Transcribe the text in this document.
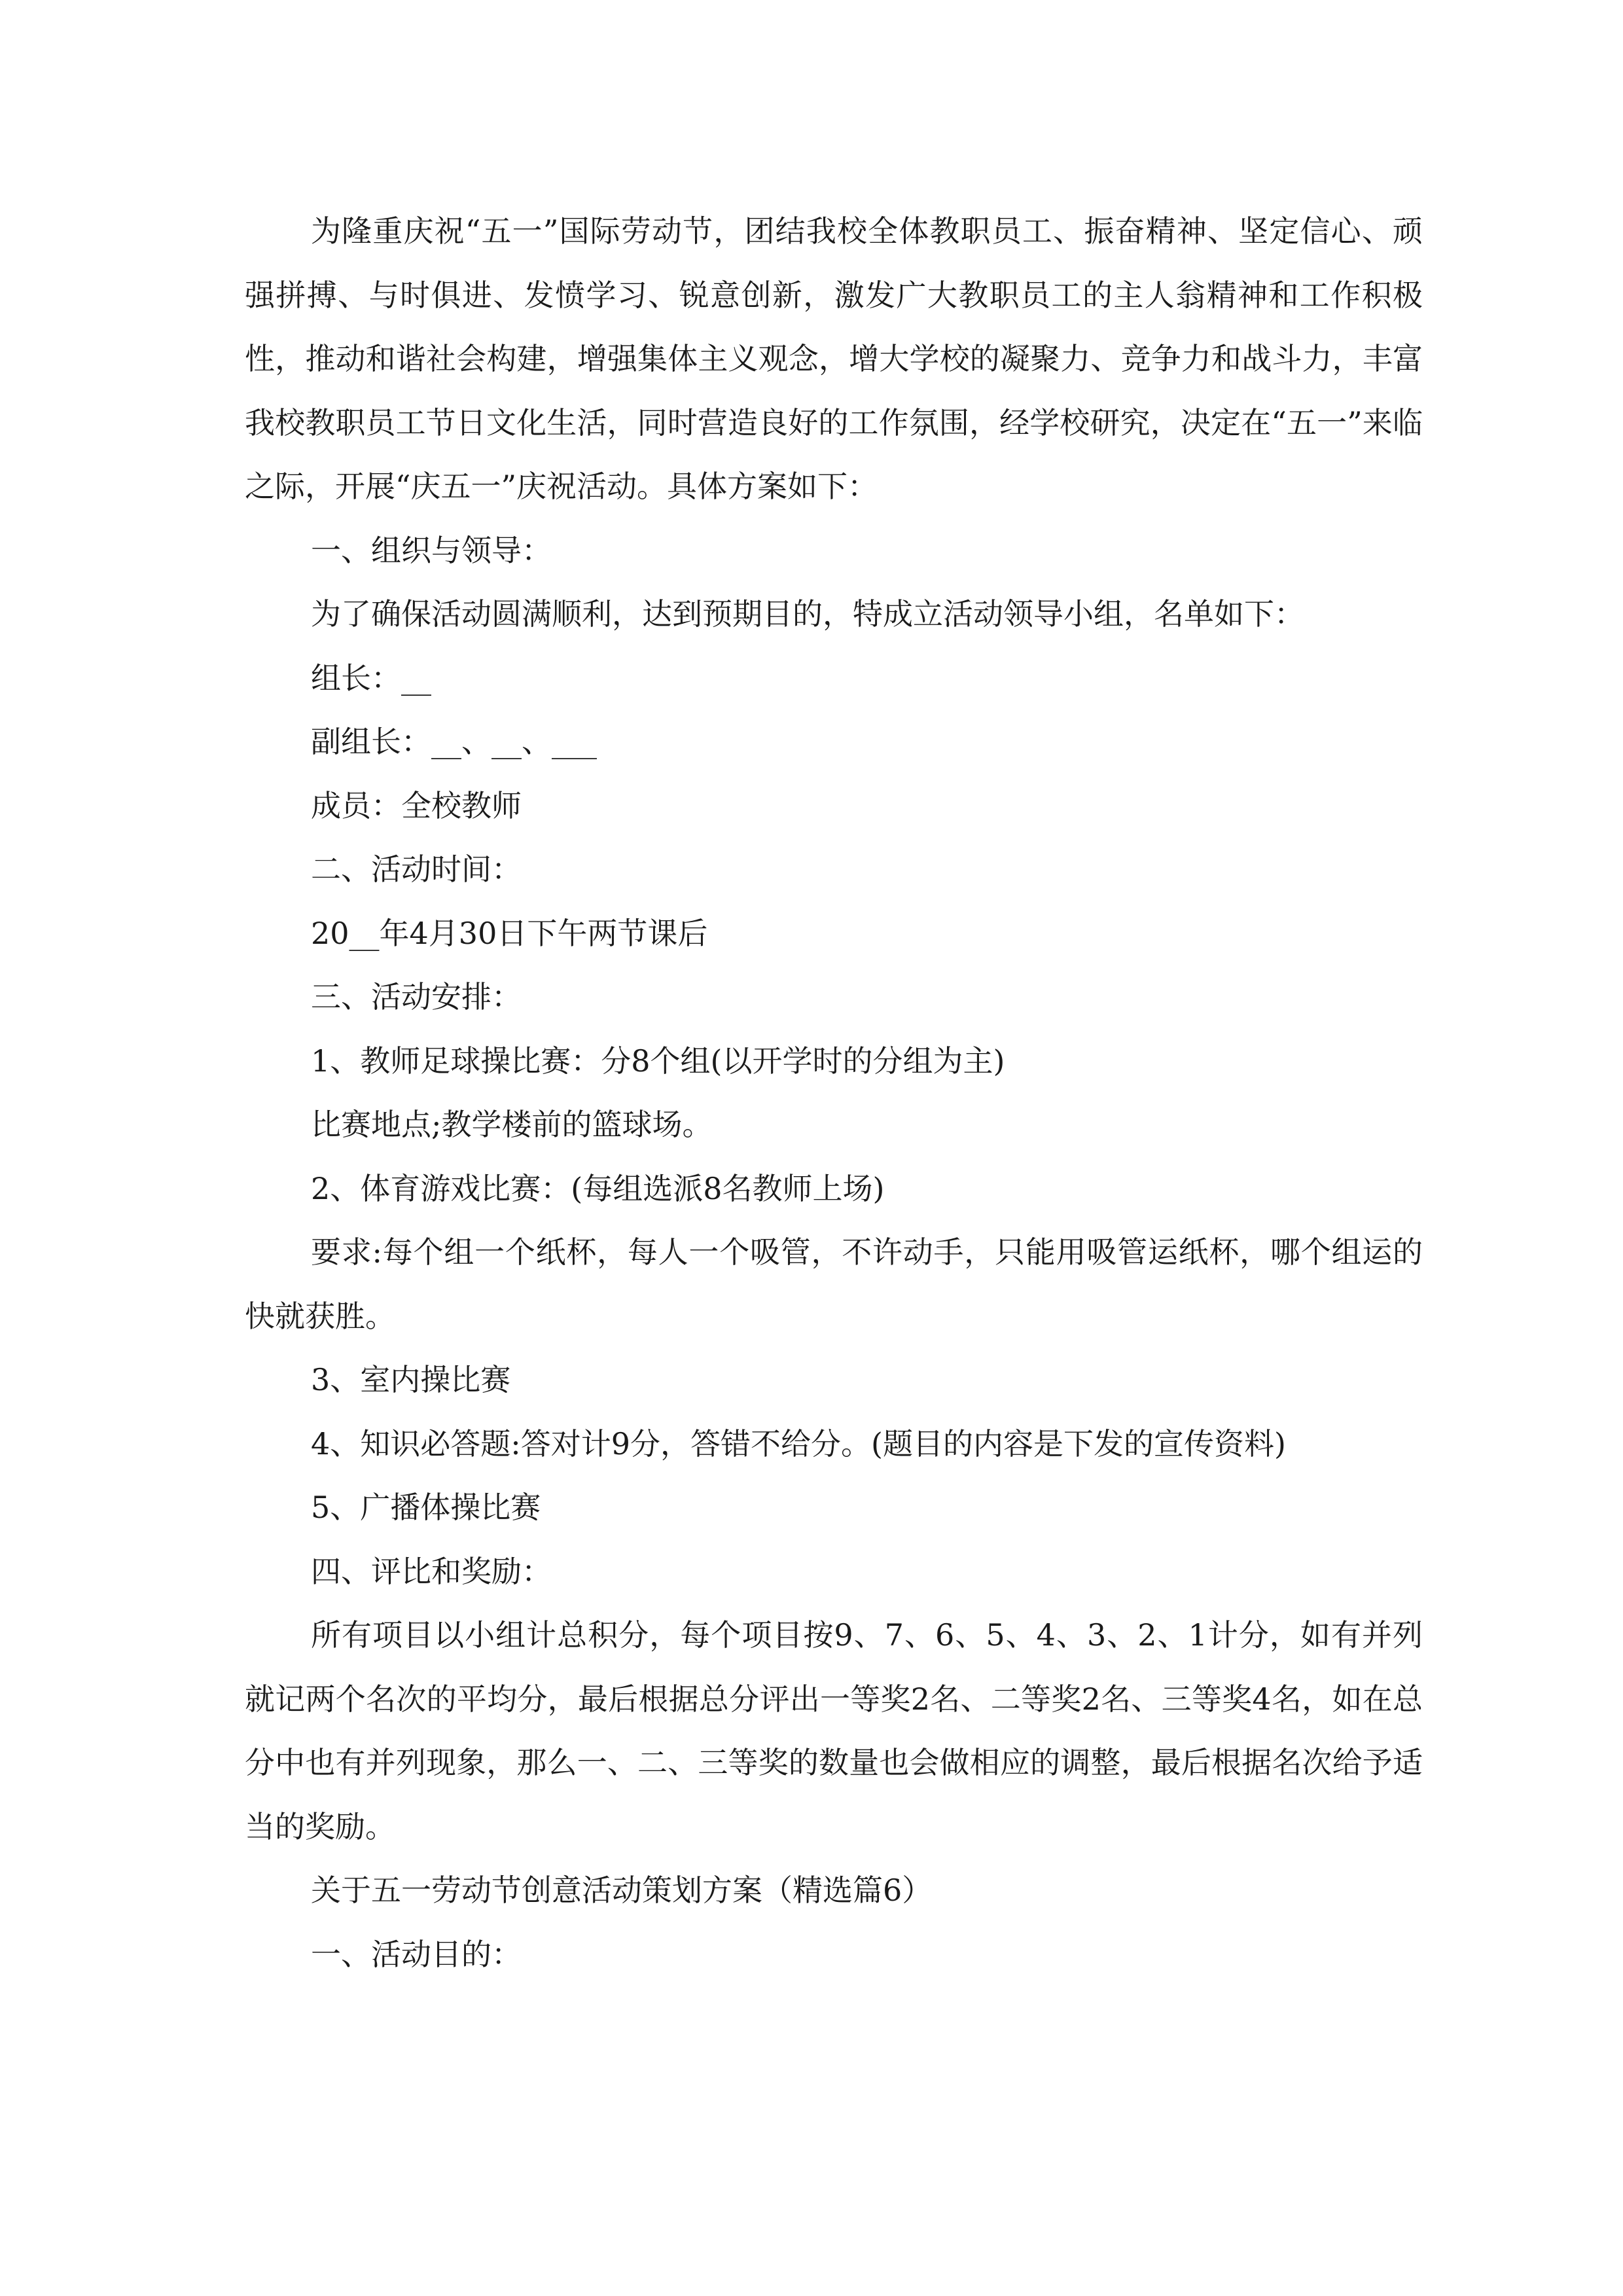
为隆重庆祝“五一”国际劳动节，团结我校全体教职员工、振奋精神、坚定信心、顽强拼搏、与时俱进、发愤学习、锐意创新，激发广大教职员工的主人翁精神和工作积极性，推动和谐社会构建，增强集体主义观念，增大学校的凝聚力、竞争力和战斗力，丰富我校教职员工节日文化生活，同时营造良好的工作氛围，经学校研究，决定在“五一”来临之际，开展“庆五一”庆祝活动。具体方案如下：

一、组织与领导：

为了确保活动圆满顺利，达到预期目的，特成立活动领导小组，名单如下：

组长：__

副组长：__、__、___

成员：全校教师

二、活动时间：

20__年4月30日下午两节课后

三、活动安排：

1、教师足球操比赛：分8个组(以开学时的分组为主)

比赛地点;教学楼前的篮球场。

2、体育游戏比赛：(每组选派8名教师上场)

要求:每个组一个纸杯，每人一个吸管，不许动手，只能用吸管运纸杯，哪个组运的快就获胜。

3、室内操比赛

4、知识必答题:答对计9分，答错不给分。(题目的内容是下发的宣传资料)

5、广播体操比赛

四、评比和奖励：

所有项目以小组计总积分，每个项目按9、7、6、5、4、3、2、1计分，如有并列就记两个名次的平均分，最后根据总分评出一等奖2名、二等奖2名、三等奖4名，如在总分中也有并列现象，那么一、二、三等奖的数量也会做相应的调整，最后根据名次给予适当的奖励。

关于五一劳动节创意活动策划方案（精选篇6）

一、活动目的：
